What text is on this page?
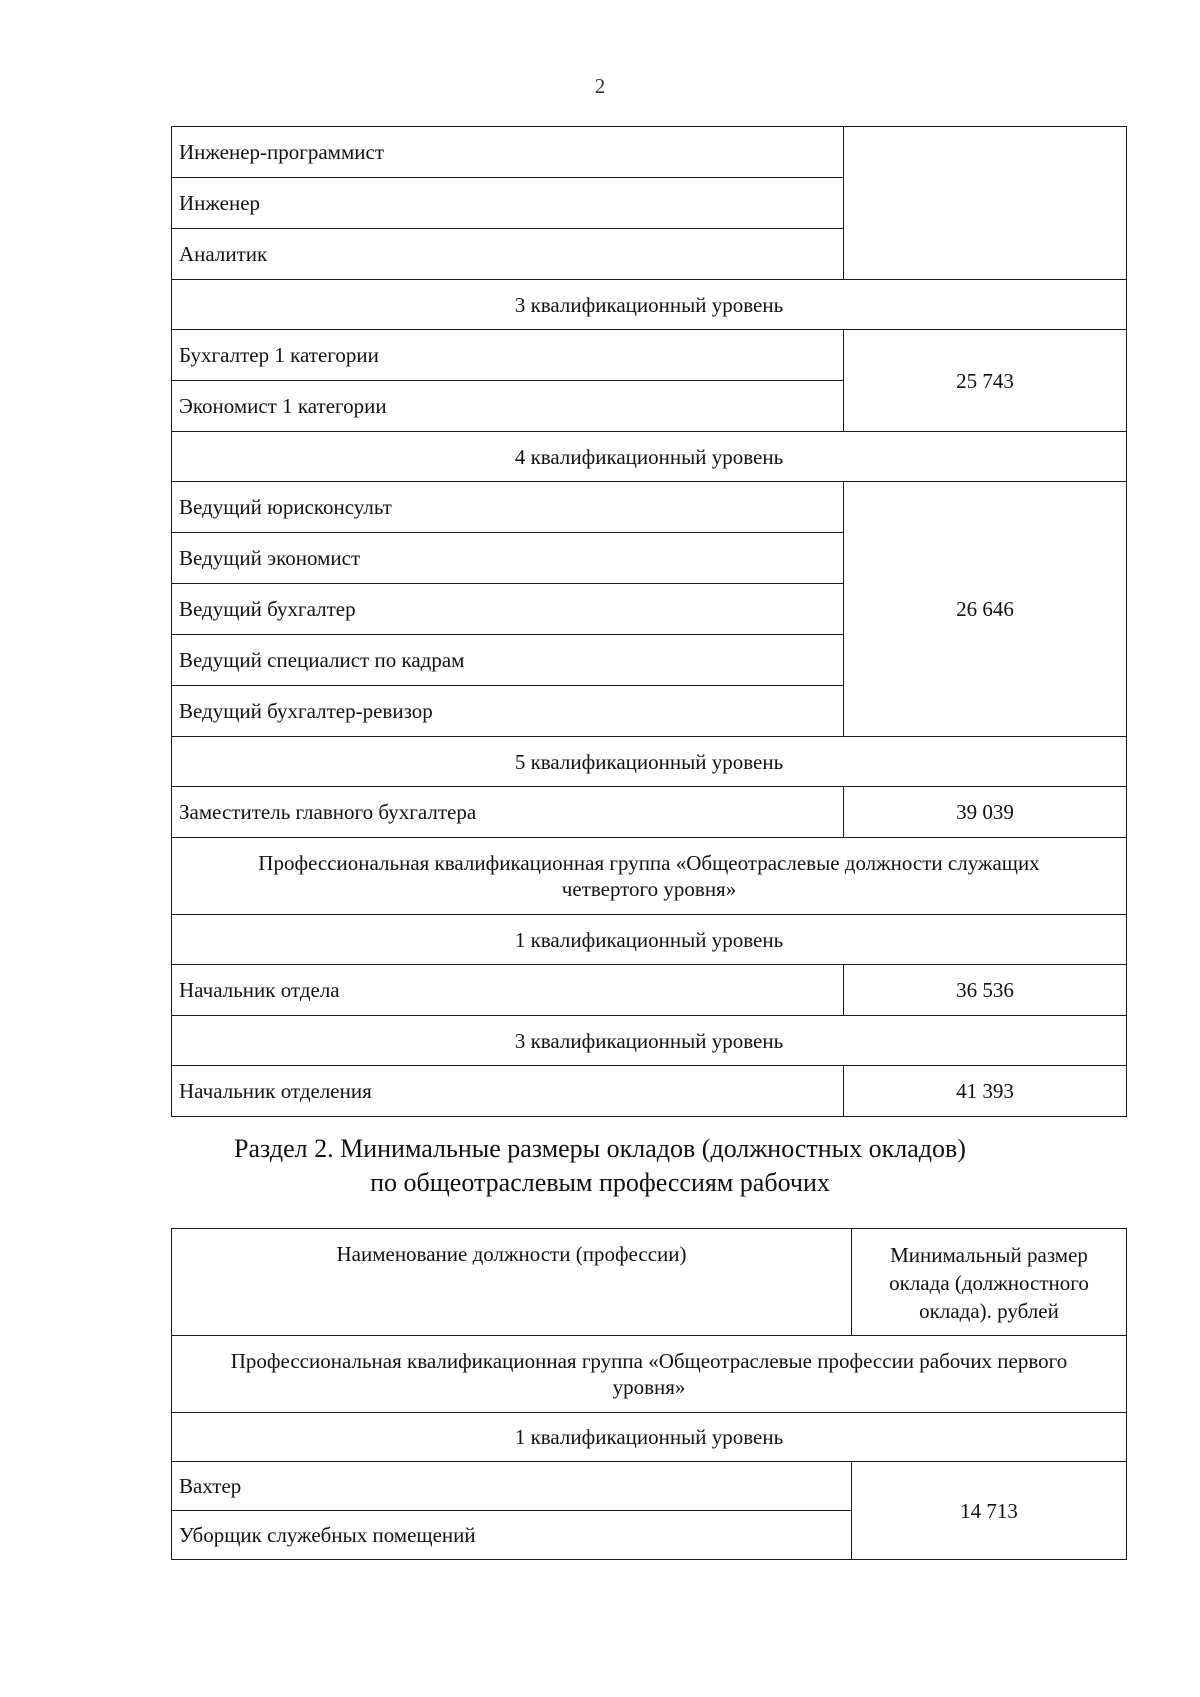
2
Инженер-программист	
Инженер	
Аналитик	
3 квалификационный уровень	
Бухгалтер 1 категории	25 743
Экономист 1 категории	
4 квалификационный уровень	
Ведущий юрисконсульт	26 646
Ведущий экономист	
Ведущий бухгалтер	
Ведущий специалист по кадрам	
Ведущий бухгалтер-ревизор	
5 квалификационный уровень	
Заместитель главного бухгалтера	39 039
Профессиональная квалификационная группа «Общеотраслевые должности служащих четвертого уровня»	
1 квалификационный уровень	
Начальник отдела	36 536
3 квалификационный уровень	
Начальник отделения	41 393
Раздел 2. Минимальные размеры окладов (должностных окладов)
по общеотраслевым профессиям рабочих
Наименование должности (профессии)	Минимальный размер оклада (должностного оклада). рублей
Профессиональная квалификационная группа «Общеотраслевые профессии рабочих первого уровня»	
1 квалификационный уровень	
Вахтер	14 713
Уборщик служебных помещений	
